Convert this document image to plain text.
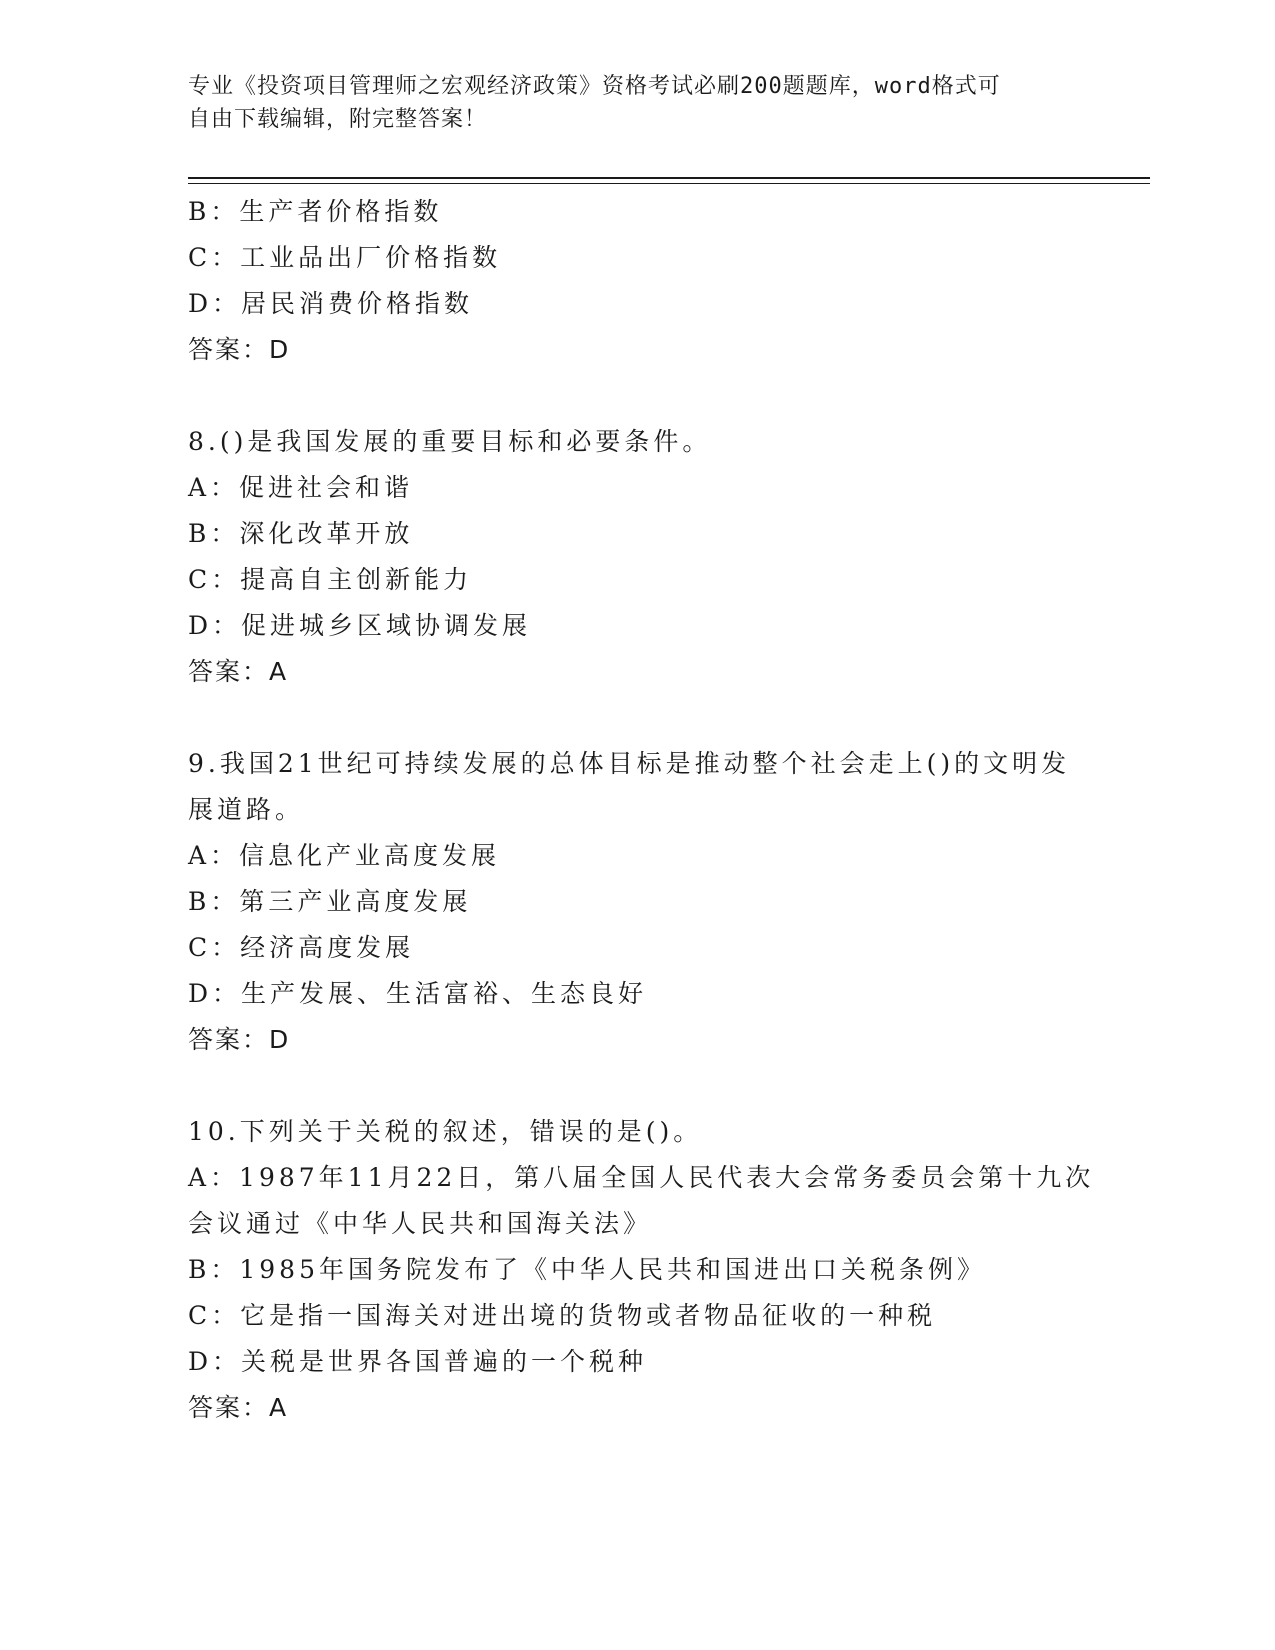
专业《投资项目管理师之宏观经济政策》资格考试必刷200题题库，word格式可
自由下载编辑，附完整答案！
B：生产者价格指数
C：工业品出厂价格指数
D：居民消费价格指数
答案：D
8.()是我国发展的重要目标和必要条件。
A：促进社会和谐
B：深化改革开放
C：提高自主创新能力
D：促进城乡区域协调发展
答案：A
9.我国21世纪可持续发展的总体目标是推动整个社会走上()的文明发
展道路。
A：信息化产业高度发展
B：第三产业高度发展
C：经济高度发展
D：生产发展、生活富裕、生态良好
答案：D
10.下列关于关税的叙述，错误的是()。
A：1987年11月22日，第八届全国人民代表大会常务委员会第十九次
会议通过《中华人民共和国海关法》
B：1985年国务院发布了《中华人民共和国进出口关税条例》
C：它是指一国海关对进出境的货物或者物品征收的一种税
D：关税是世界各国普遍的一个税种
答案：A
